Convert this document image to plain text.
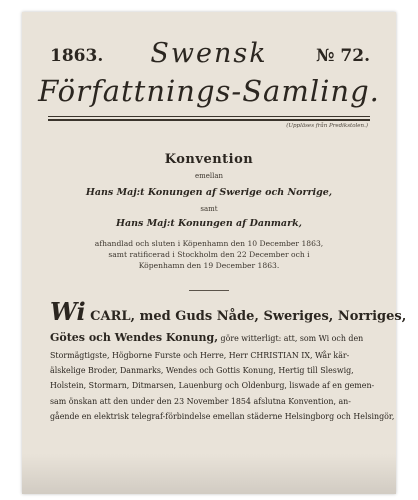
1863.	Swensk	№ 72.
Författnings-Samling.
(Uppläses från Predikstolen.)
Konvention
emellan
Hans Maj:t Konungen af Swerige och Norrige,
samt
Hans Maj:t Konungen af Danmark,
afhandlad och sluten i Köpenhamn den 10 December 1863,
samt ratificerad i Stockholm den 22 December och i
Köpenhamn den 19 December 1863.
Wi CARL, med Guds Nåde, Sweriges, Norriges,
Götes och Wendes Konung, göre witterligt: att, som Wi och den
Stormägtigste, Högborne Furste och Herre, Herr CHRISTIAN IX, Wår kär-
älskelige Broder, Danmarks, Wendes och Gottis Konung, Hertig till Sleswig,
Holstein, Stormarn, Ditmarsen, Lauenburg och Oldenburg, liswade af en gemen-
sam önskan att den under den 23 November 1854 afslutna Konvention, an-
gående en elektrisk telegraf-förbindelse emellan städerne Helsingborg och Helsingör,
